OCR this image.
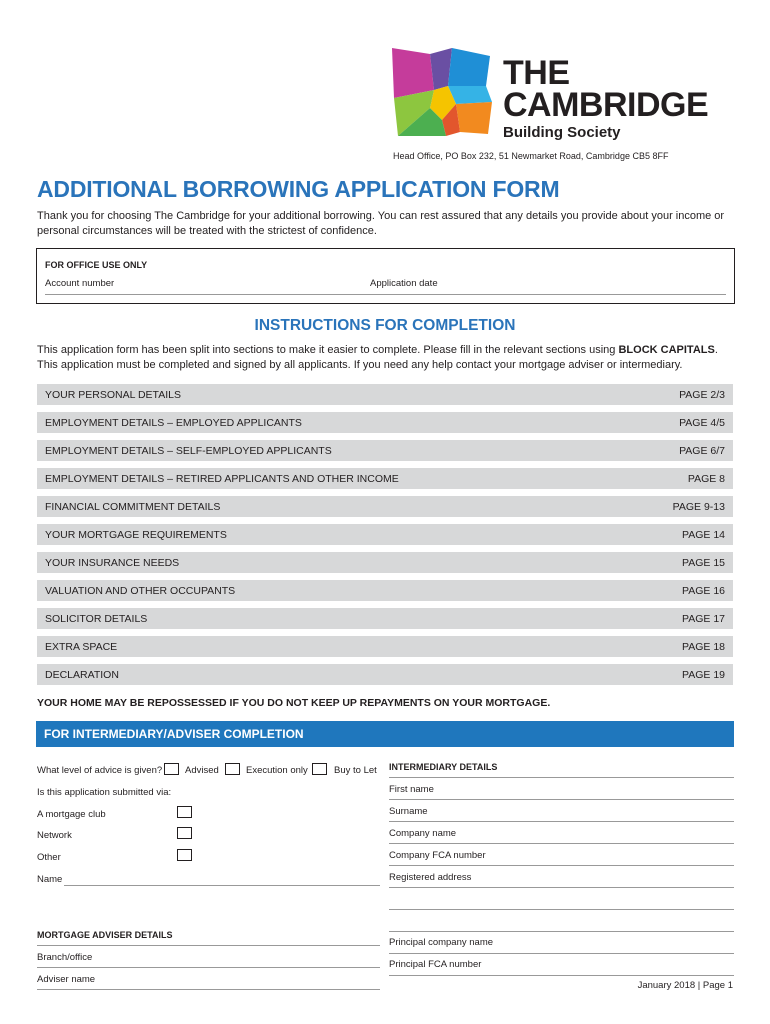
THE
CAMBRIDGE
Building Society
Head Office, PO Box 232, 51 Newmarket Road, Cambridge CB5 8FF
ADDITIONAL BORROWING APPLICATION FORM
Thank you for choosing The Cambridge for your additional borrowing. You can rest assured that any details you provide about your income or personal circumstances will be treated with the strictest of confidence.
FOR OFFICE USE ONLY
Account number	Application date
INSTRUCTIONS FOR COMPLETION
This application form has been split into sections to make it easier to complete. Please fill in the relevant sections using BLOCK CAPITALS. This application must be completed and signed by all applicants. If you need any help contact your mortgage adviser or intermediary.
YOUR PERSONAL DETAILS	PAGE 2/3
EMPLOYMENT DETAILS – EMPLOYED APPLICANTS	PAGE 4/5
EMPLOYMENT DETAILS – SELF-EMPLOYED APPLICANTS	PAGE 6/7
EMPLOYMENT DETAILS – RETIRED APPLICANTS AND OTHER INCOME	PAGE 8
FINANCIAL COMMITMENT DETAILS	PAGE 9-13
YOUR MORTGAGE REQUIREMENTS	PAGE 14
YOUR INSURANCE NEEDS	PAGE 15
VALUATION AND OTHER OCCUPANTS	PAGE 16
SOLICITOR DETAILS	PAGE 17
EXTRA SPACE	PAGE 18
DECLARATION	PAGE 19
YOUR HOME MAY BE REPOSSESSED IF YOU DO NOT KEEP UP REPAYMENTS ON YOUR MORTGAGE.
FOR INTERMEDIARY/ADVISER COMPLETION
What level of advice is given? Advised	Execution only	Buy to Let
Is this application submitted via:
A mortgage club
Network
Other
Name
MORTGAGE ADVISER DETAILS
Branch/office
Adviser name
INTERMEDIARY DETAILS
First name
Surname
Company name
Company FCA number
Registered address
Principal company name
Principal FCA number
January 2018 | Page 1
